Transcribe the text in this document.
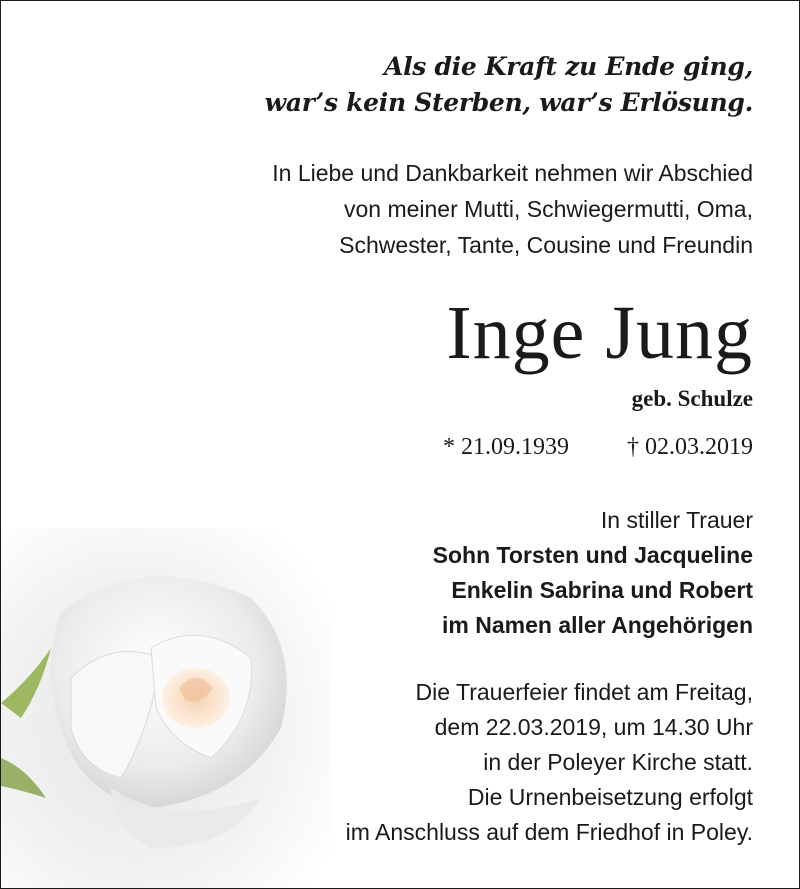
Als die Kraft zu Ende ging,
war’s kein Sterben, war’s Erlösung.
In Liebe und Dankbarkeit nehmen wir Abschied
von meiner Mutti, Schwiegermutti, Oma,
Schwester, Tante, Cousine und Freundin
Inge Jung
geb. Schulze
* 21.09.1939 † 02.03.2019
In stiller Trauer
Sohn Torsten und Jacqueline
Enkelin Sabrina und Robert
im Namen aller Angehörigen
Die Trauerfeier findet am Freitag,
dem 22.03.2019, um 14.30 Uhr
in der Poleyer Kirche statt.
Die Urnenbeisetzung erfolgt
im Anschluss auf dem Friedhof in Poley.
